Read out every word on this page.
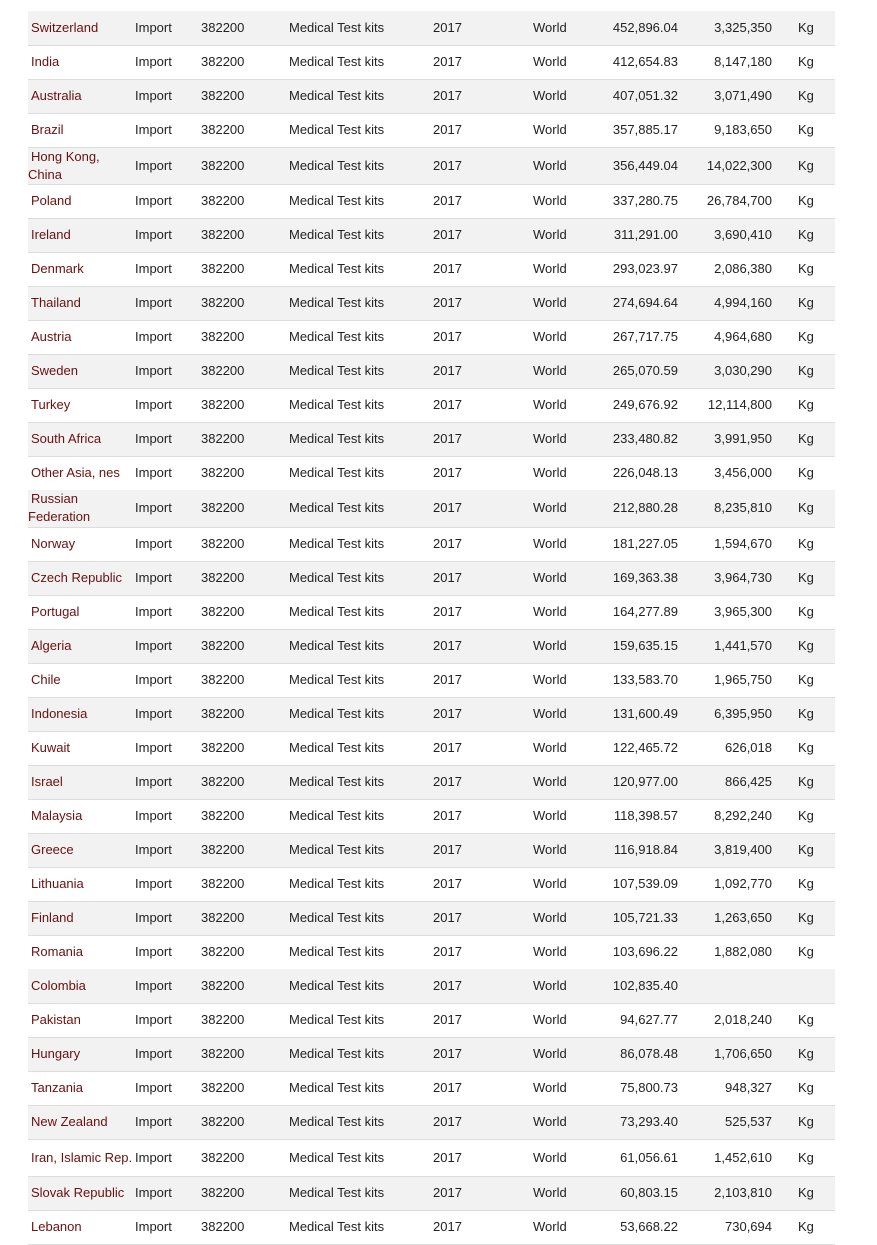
Switzerland	Import	382200	Medical Test kits	2017	World	452,896.04	3,325,350	Kg
India	Import	382200	Medical Test kits	2017	World	412,654.83	8,147,180	Kg
Australia	Import	382200	Medical Test kits	2017	World	407,051.32	3,071,490	Kg
Brazil	Import	382200	Medical Test kits	2017	World	357,885.17	9,183,650	Kg
Hong Kong, China	Import	382200	Medical Test kits	2017	World	356,449.04	14,022,300	Kg
Poland	Import	382200	Medical Test kits	2017	World	337,280.75	26,784,700	Kg
Ireland	Import	382200	Medical Test kits	2017	World	311,291.00	3,690,410	Kg
Denmark	Import	382200	Medical Test kits	2017	World	293,023.97	2,086,380	Kg
Thailand	Import	382200	Medical Test kits	2017	World	274,694.64	4,994,160	Kg
Austria	Import	382200	Medical Test kits	2017	World	267,717.75	4,964,680	Kg
Sweden	Import	382200	Medical Test kits	2017	World	265,070.59	3,030,290	Kg
Turkey	Import	382200	Medical Test kits	2017	World	249,676.92	12,114,800	Kg
South Africa	Import	382200	Medical Test kits	2017	World	233,480.82	3,991,950	Kg
Other Asia, nes	Import	382200	Medical Test kits	2017	World	226,048.13	3,456,000	Kg
Russian Federation	Import	382200	Medical Test kits	2017	World	212,880.28	8,235,810	Kg
Norway	Import	382200	Medical Test kits	2017	World	181,227.05	1,594,670	Kg
Czech Republic	Import	382200	Medical Test kits	2017	World	169,363.38	3,964,730	Kg
Portugal	Import	382200	Medical Test kits	2017	World	164,277.89	3,965,300	Kg
Algeria	Import	382200	Medical Test kits	2017	World	159,635.15	1,441,570	Kg
Chile	Import	382200	Medical Test kits	2017	World	133,583.70	1,965,750	Kg
Indonesia	Import	382200	Medical Test kits	2017	World	131,600.49	6,395,950	Kg
Kuwait	Import	382200	Medical Test kits	2017	World	122,465.72	626,018	Kg
Israel	Import	382200	Medical Test kits	2017	World	120,977.00	866,425	Kg
Malaysia	Import	382200	Medical Test kits	2017	World	118,398.57	8,292,240	Kg
Greece	Import	382200	Medical Test kits	2017	World	116,918.84	3,819,400	Kg
Lithuania	Import	382200	Medical Test kits	2017	World	107,539.09	1,092,770	Kg
Finland	Import	382200	Medical Test kits	2017	World	105,721.33	1,263,650	Kg
Romania	Import	382200	Medical Test kits	2017	World	103,696.22	1,882,080	Kg
Colombia	Import	382200	Medical Test kits	2017	World	102,835.40		
Pakistan	Import	382200	Medical Test kits	2017	World	94,627.77	2,018,240	Kg
Hungary	Import	382200	Medical Test kits	2017	World	86,078.48	1,706,650	Kg
Tanzania	Import	382200	Medical Test kits	2017	World	75,800.73	948,327	Kg
New Zealand	Import	382200	Medical Test kits	2017	World	73,293.40	525,537	Kg
Iran, Islamic Rep.	Import	382200	Medical Test kits	2017	World	61,056.61	1,452,610	Kg
Slovak Republic	Import	382200	Medical Test kits	2017	World	60,803.15	2,103,810	Kg
Lebanon	Import	382200	Medical Test kits	2017	World	53,668.22	730,694	Kg
